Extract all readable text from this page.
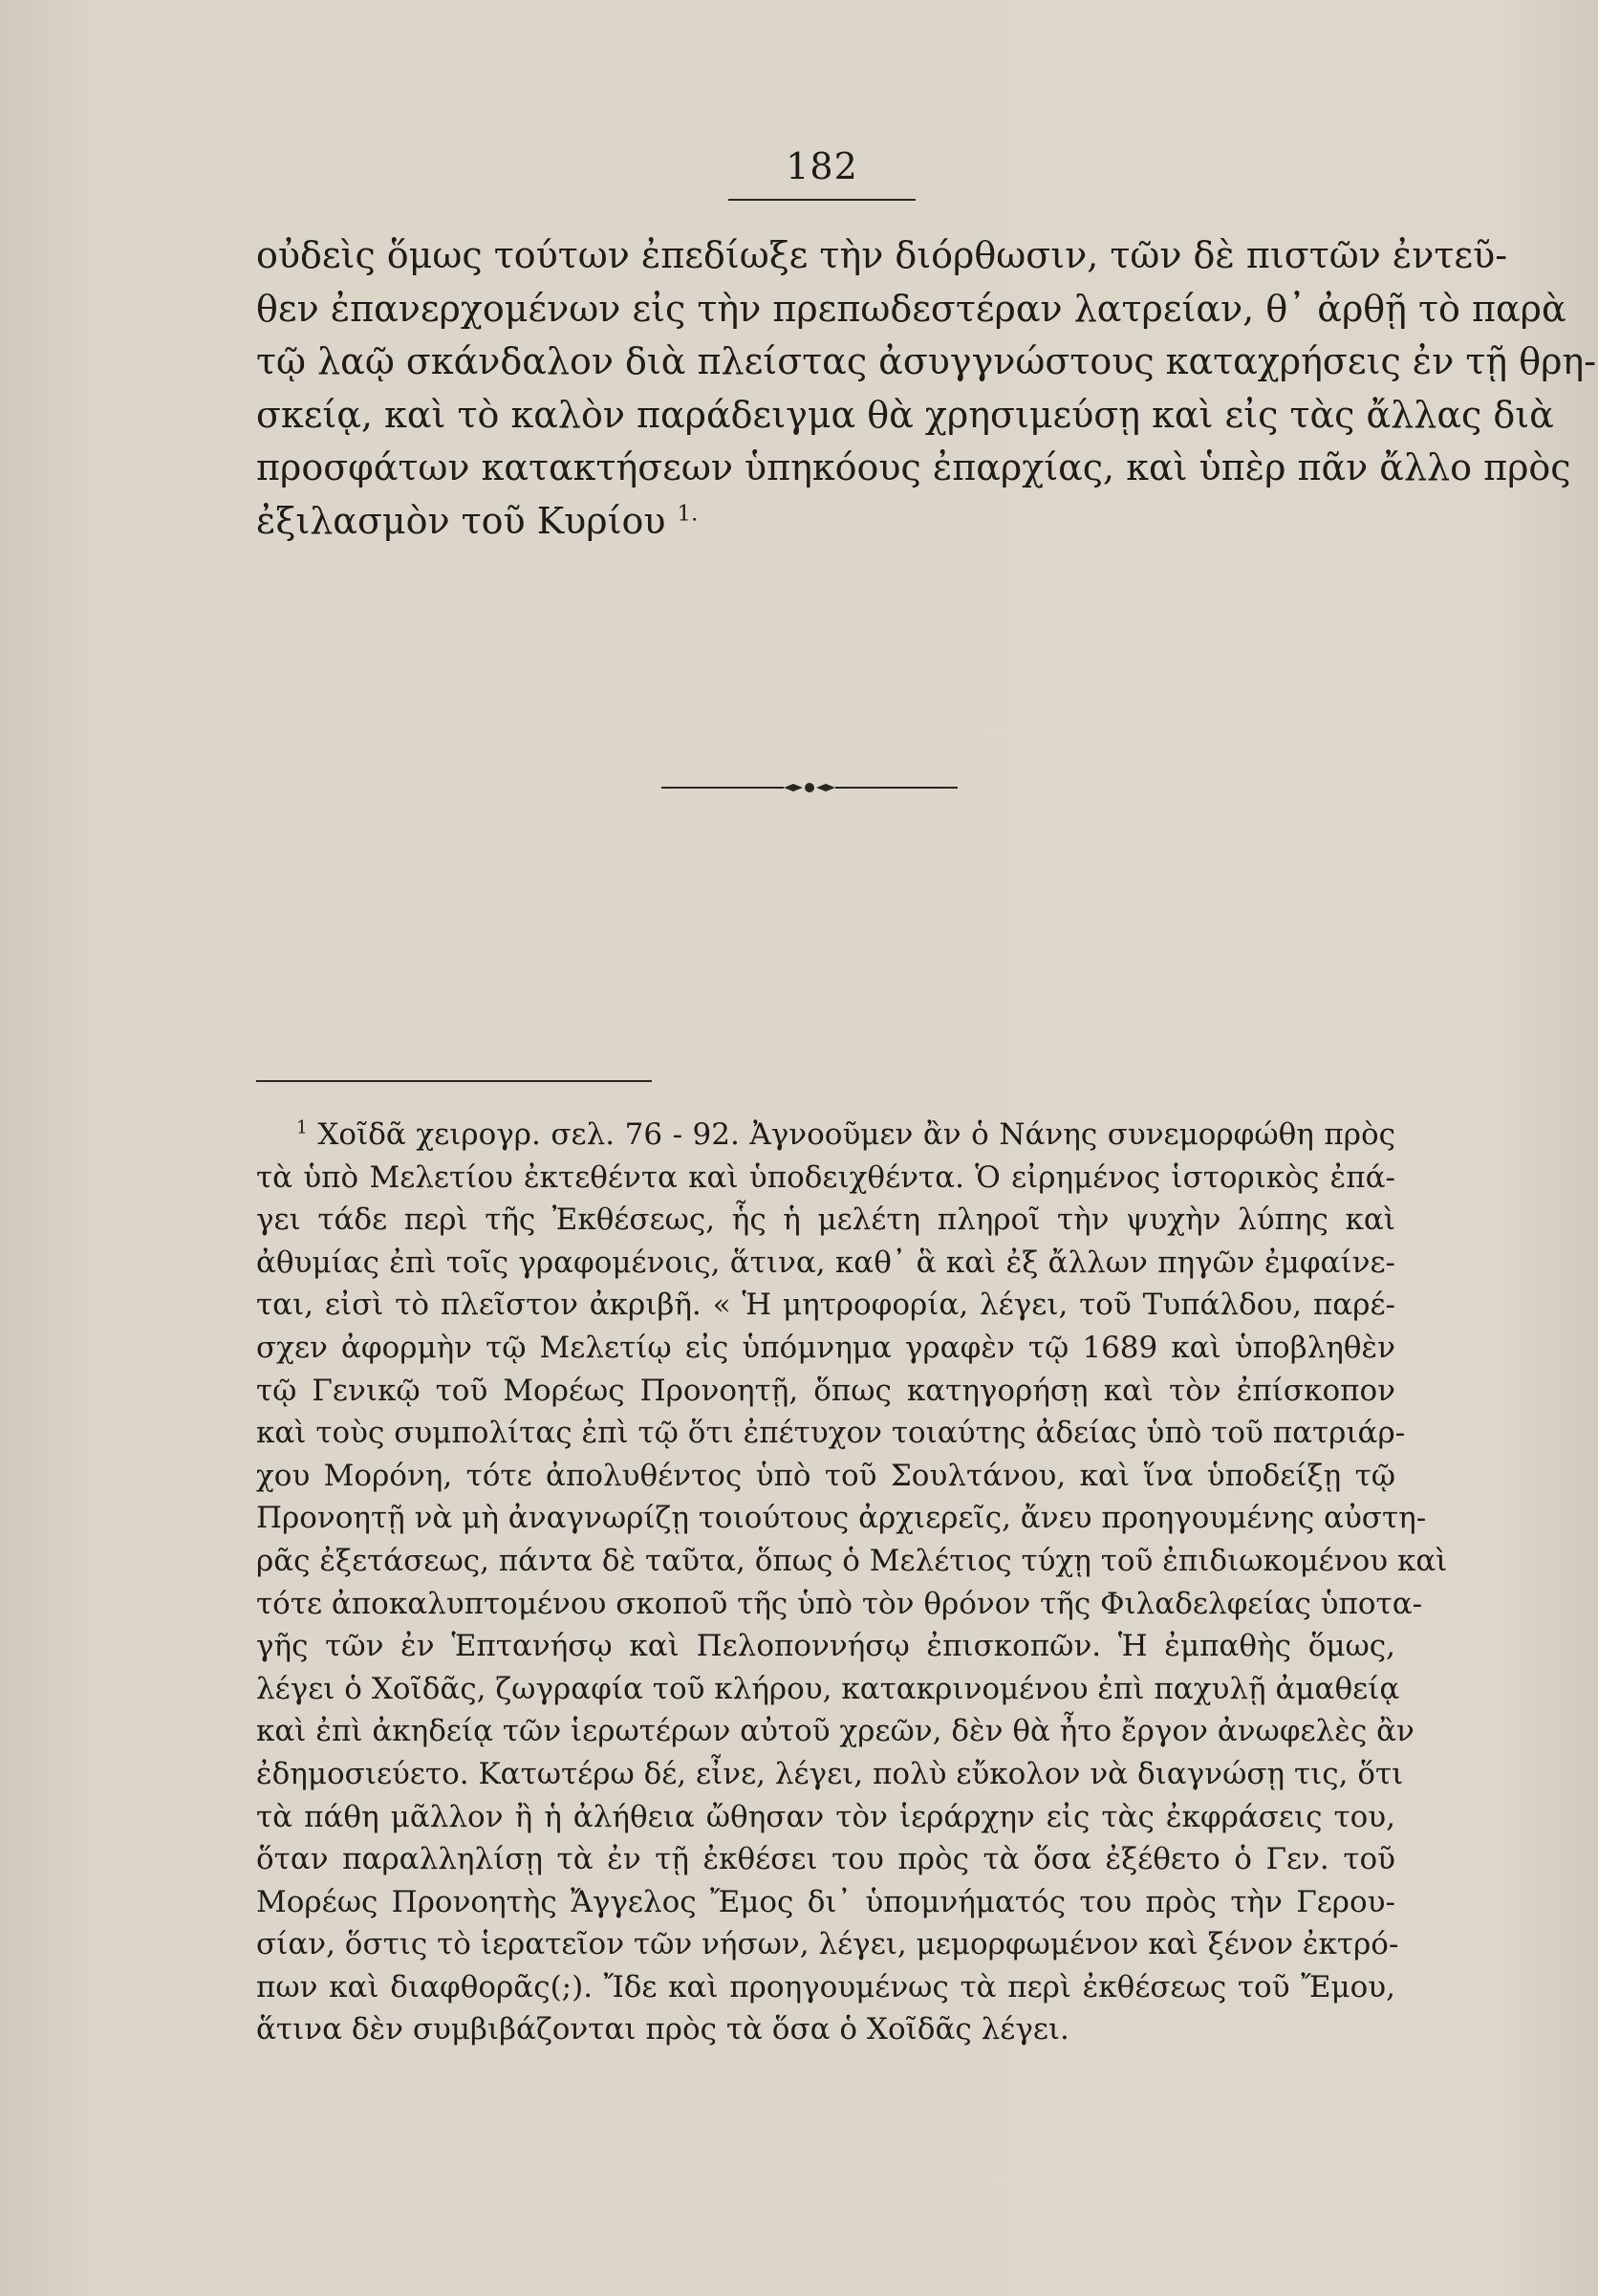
182
οὐδεὶς ὅμως τούτων ἐπεδίωξε τὴν διόρθωσιν, τῶν δὲ πιστῶν ἐντεῦ-
θεν ἐπανερχομένων εἰς τὴν πρεπωδεστέραν λατρείαν, θ᾽ ἀρθῇ τὸ παρὰ
τῷ λαῷ σκάνδαλον διὰ πλείστας ἀσυγγνώστους καταχρήσεις ἐν τῇ θρη-
σκείᾳ, καὶ τὸ καλὸν παράδειγμα θὰ χρησιμεύσῃ καὶ εἰς τὰς ἄλλας διὰ
προσφάτων κατακτήσεων ὑπηκόους ἐπαρχίας, καὶ ὑπὲρ πᾶν ἄλλο πρὸς
ἐξιλασμὸν τοῦ Κυρίου $^{1.}$
$^1$ Χοῖδᾶ χειρογρ. σελ. 76 - 92. Ἀγνοοῦμεν ἂν ὁ Νάνης συνεμορφώθη πρὸς
τὰ ὑπὸ Μελετίου ἐκτεθέντα καὶ ὑποδειχθέντα. Ὁ εἰρημένος ἱστορικὸς ἐπά-
γει τάδε περὶ τῆς Ἐκθέσεως, ἧς ἡ μελέτη πληροῖ τὴν ψυχὴν λύπης καὶ
ἀθυμίας ἐπὶ τοῖς γραφομένοις, ἅτινα, καθ᾽ ἃ καὶ ἐξ ἄλλων πηγῶν ἐμφαίνε-
ται, εἰσὶ τὸ πλεῖστον ἀκριβῆ. « Ἡ μητροφορία, λέγει, τοῦ Τυπάλδου, παρέ-
σχεν ἀφορμὴν τῷ Μελετίῳ εἰς ὑπόμνημα γραφὲν τῷ 1689 καὶ ὑποβληθὲν
τῷ Γενικῷ τοῦ Μορέως Προνοητῇ, ὅπως κατηγορήσῃ καὶ τὸν ἐπίσκοπον
καὶ τοὺς συμπολίτας ἐπὶ τῷ ὅτι ἐπέτυχον τοιαύτης ἀδείας ὑπὸ τοῦ πατριάρ-
χου Μορόνη, τότε ἀπολυθέντος ὑπὸ τοῦ Σουλτάνου, καὶ ἵνα ὑποδείξῃ τῷ
Προνοητῇ νὰ μὴ ἀναγνωρίζῃ τοιούτους ἀρχιερεῖς, ἄνευ προηγουμένης αὐστη-
ρᾶς ἐξετάσεως, πάντα δὲ ταῦτα, ὅπως ὁ Μελέτιος τύχῃ τοῦ ἐπιδιωκομένου καὶ
τότε ἀποκαλυπτομένου σκοποῦ τῆς ὑπὸ τὸν θρόνον τῆς Φιλαδελφείας ὑποτα-
γῆς τῶν ἐν Ἑπτανήσῳ καὶ Πελοποννήσῳ ἐπισκοπῶν. Ἡ ἐμπαθὴς ὅμως,
λέγει ὁ Χοῖδᾶς, ζωγραφία τοῦ κλήρου, κατακρινομένου ἐπὶ παχυλῇ ἀμαθείᾳ
καὶ ἐπὶ ἀκηδείᾳ τῶν ἱερωτέρων αὐτοῦ χρεῶν, δὲν θὰ ἦτο ἔργον ἀνωφελὲς ἂν
ἐδημοσιεύετο. Κατωτέρω δέ, εἶνε, λέγει, πολὺ εὔκολον νὰ διαγνώσῃ τις, ὅτι
τὰ πάθη μᾶλλον ἢ ἡ ἀλήθεια ὤθησαν τὸν ἱεράρχην εἰς τὰς ἐκφράσεις του,
ὅταν παραλληλίσῃ τὰ ἐν τῇ ἐκθέσει του πρὸς τὰ ὅσα ἐξέθετο ὁ Γεν. τοῦ
Μορέως Προνοητὴς Ἄγγελος Ἔμος δι᾽ ὑπομνήματός του πρὸς τὴν Γερου-
σίαν, ὅστις τὸ ἱερατεῖον τῶν νήσων, λέγει, μεμορφωμένον καὶ ξένον ἐκτρό-
πων καὶ διαφθορᾶς(;). Ἴδε καὶ προηγουμένως τὰ περὶ ἐκθέσεως τοῦ Ἔμου,
ἅτινα δὲν συμβιβάζονται πρὸς τὰ ὅσα ὁ Χοῖδᾶς λέγει.
